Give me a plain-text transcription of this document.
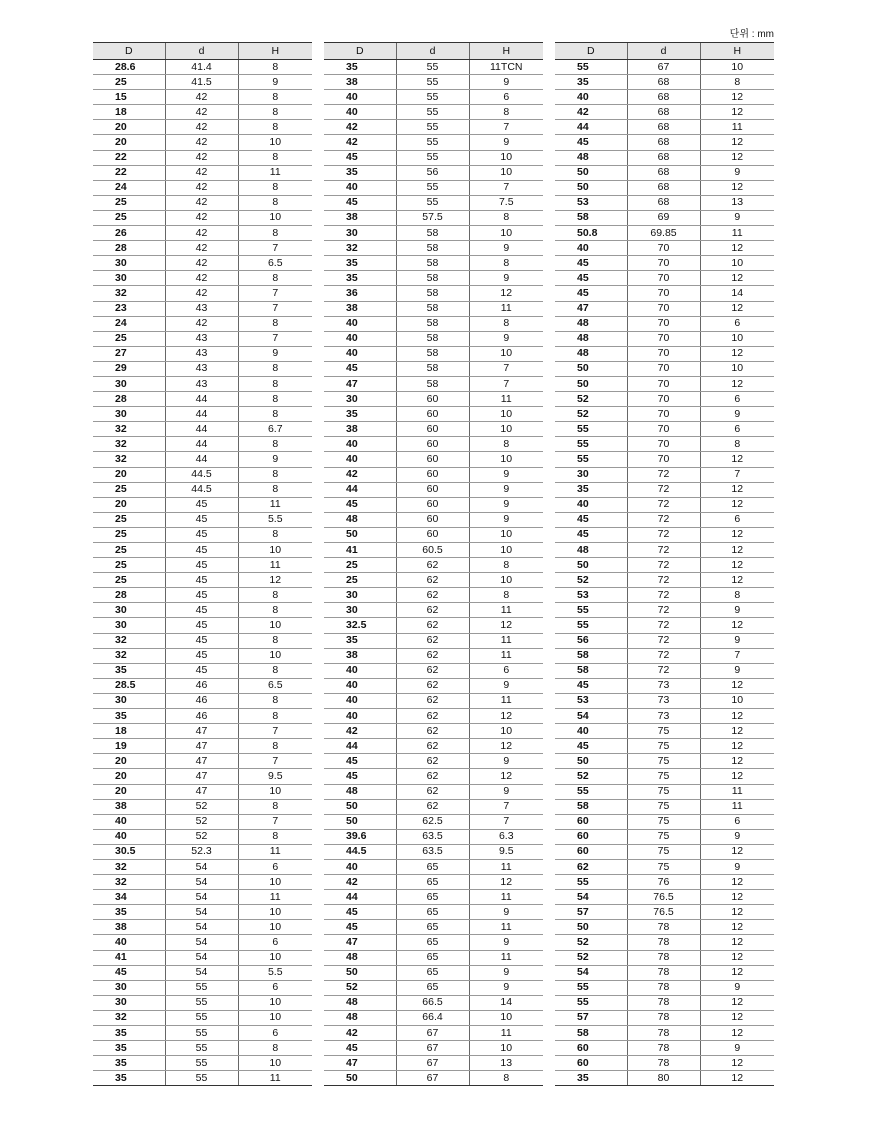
단위 : mm
D	d	H
28.6	41.4	8
25	41.5	9
15	42	8
18	42	8
20	42	8
20	42	10
22	42	8
22	42	11
24	42	8
25	42	8
25	42	10
26	42	8
28	42	7
30	42	6.5
30	42	8
32	42	7
23	43	7
24	42	8
25	43	7
27	43	9
29	43	8
30	43	8
28	44	8
30	44	8
32	44	6.7
32	44	8
32	44	9
20	44.5	8
25	44.5	8
20	45	11
25	45	5.5
25	45	8
25	45	10
25	45	11
25	45	12
28	45	8
30	45	8
30	45	10
32	45	8
32	45	10
35	45	8
28.5	46	6.5
30	46	8
35	46	8
18	47	7
19	47	8
20	47	7
20	47	9.5
20	47	10
38	52	8
40	52	7
40	52	8
30.5	52.3	11
32	54	6
32	54	10
34	54	11
35	54	10
38	54	10
40	54	6
41	54	10
45	54	5.5
30	55	6
30	55	10
32	55	10
35	55	6
35	55	8
35	55	10
35	55	11
D	d	H
35	55	11TCN
38	55	9
40	55	6
40	55	8
42	55	7
42	55	9
45	55	10
35	56	10
40	55	7
45	55	7.5
38	57.5	8
30	58	10
32	58	9
35	58	8
35	58	9
36	58	12
38	58	11
40	58	8
40	58	9
40	58	10
45	58	7
47	58	7
30	60	11
35	60	10
38	60	10
40	60	8
40	60	10
42	60	9
44	60	9
45	60	9
48	60	9
50	60	10
41	60.5	10
25	62	8
25	62	10
30	62	8
30	62	11
32.5	62	12
35	62	11
38	62	11
40	62	6
40	62	9
40	62	11
40	62	12
42	62	10
44	62	12
45	62	9
45	62	12
48	62	9
50	62	7
50	62.5	7
39.6	63.5	6.3
44.5	63.5	9.5
40	65	11
42	65	12
44	65	11
45	65	9
45	65	11
47	65	9
48	65	11
50	65	9
52	65	9
48	66.5	14
48	66.4	10
42	67	11
45	67	10
47	67	13
50	67	8
D	d	H
55	67	10
35	68	8
40	68	12
42	68	12
44	68	11
45	68	12
48	68	12
50	68	9
50	68	12
53	68	13
58	69	9
50.8	69.85	11
40	70	12
45	70	10
45	70	12
45	70	14
47	70	12
48	70	6
48	70	10
48	70	12
50	70	10
50	70	12
52	70	6
52	70	9
55	70	6
55	70	8
55	70	12
30	72	7
35	72	12
40	72	12
45	72	6
45	72	12
48	72	12
50	72	12
52	72	12
53	72	8
55	72	9
55	72	12
56	72	9
58	72	7
58	72	9
45	73	12
53	73	10
54	73	12
40	75	12
45	75	12
50	75	12
52	75	12
55	75	11
58	75	11
60	75	6
60	75	9
60	75	12
62	75	9
55	76	12
54	76.5	12
57	76.5	12
50	78	12
52	78	12
52	78	12
54	78	12
55	78	9
55	78	12
57	78	12
58	78	12
60	78	9
60	78	12
35	80	12
